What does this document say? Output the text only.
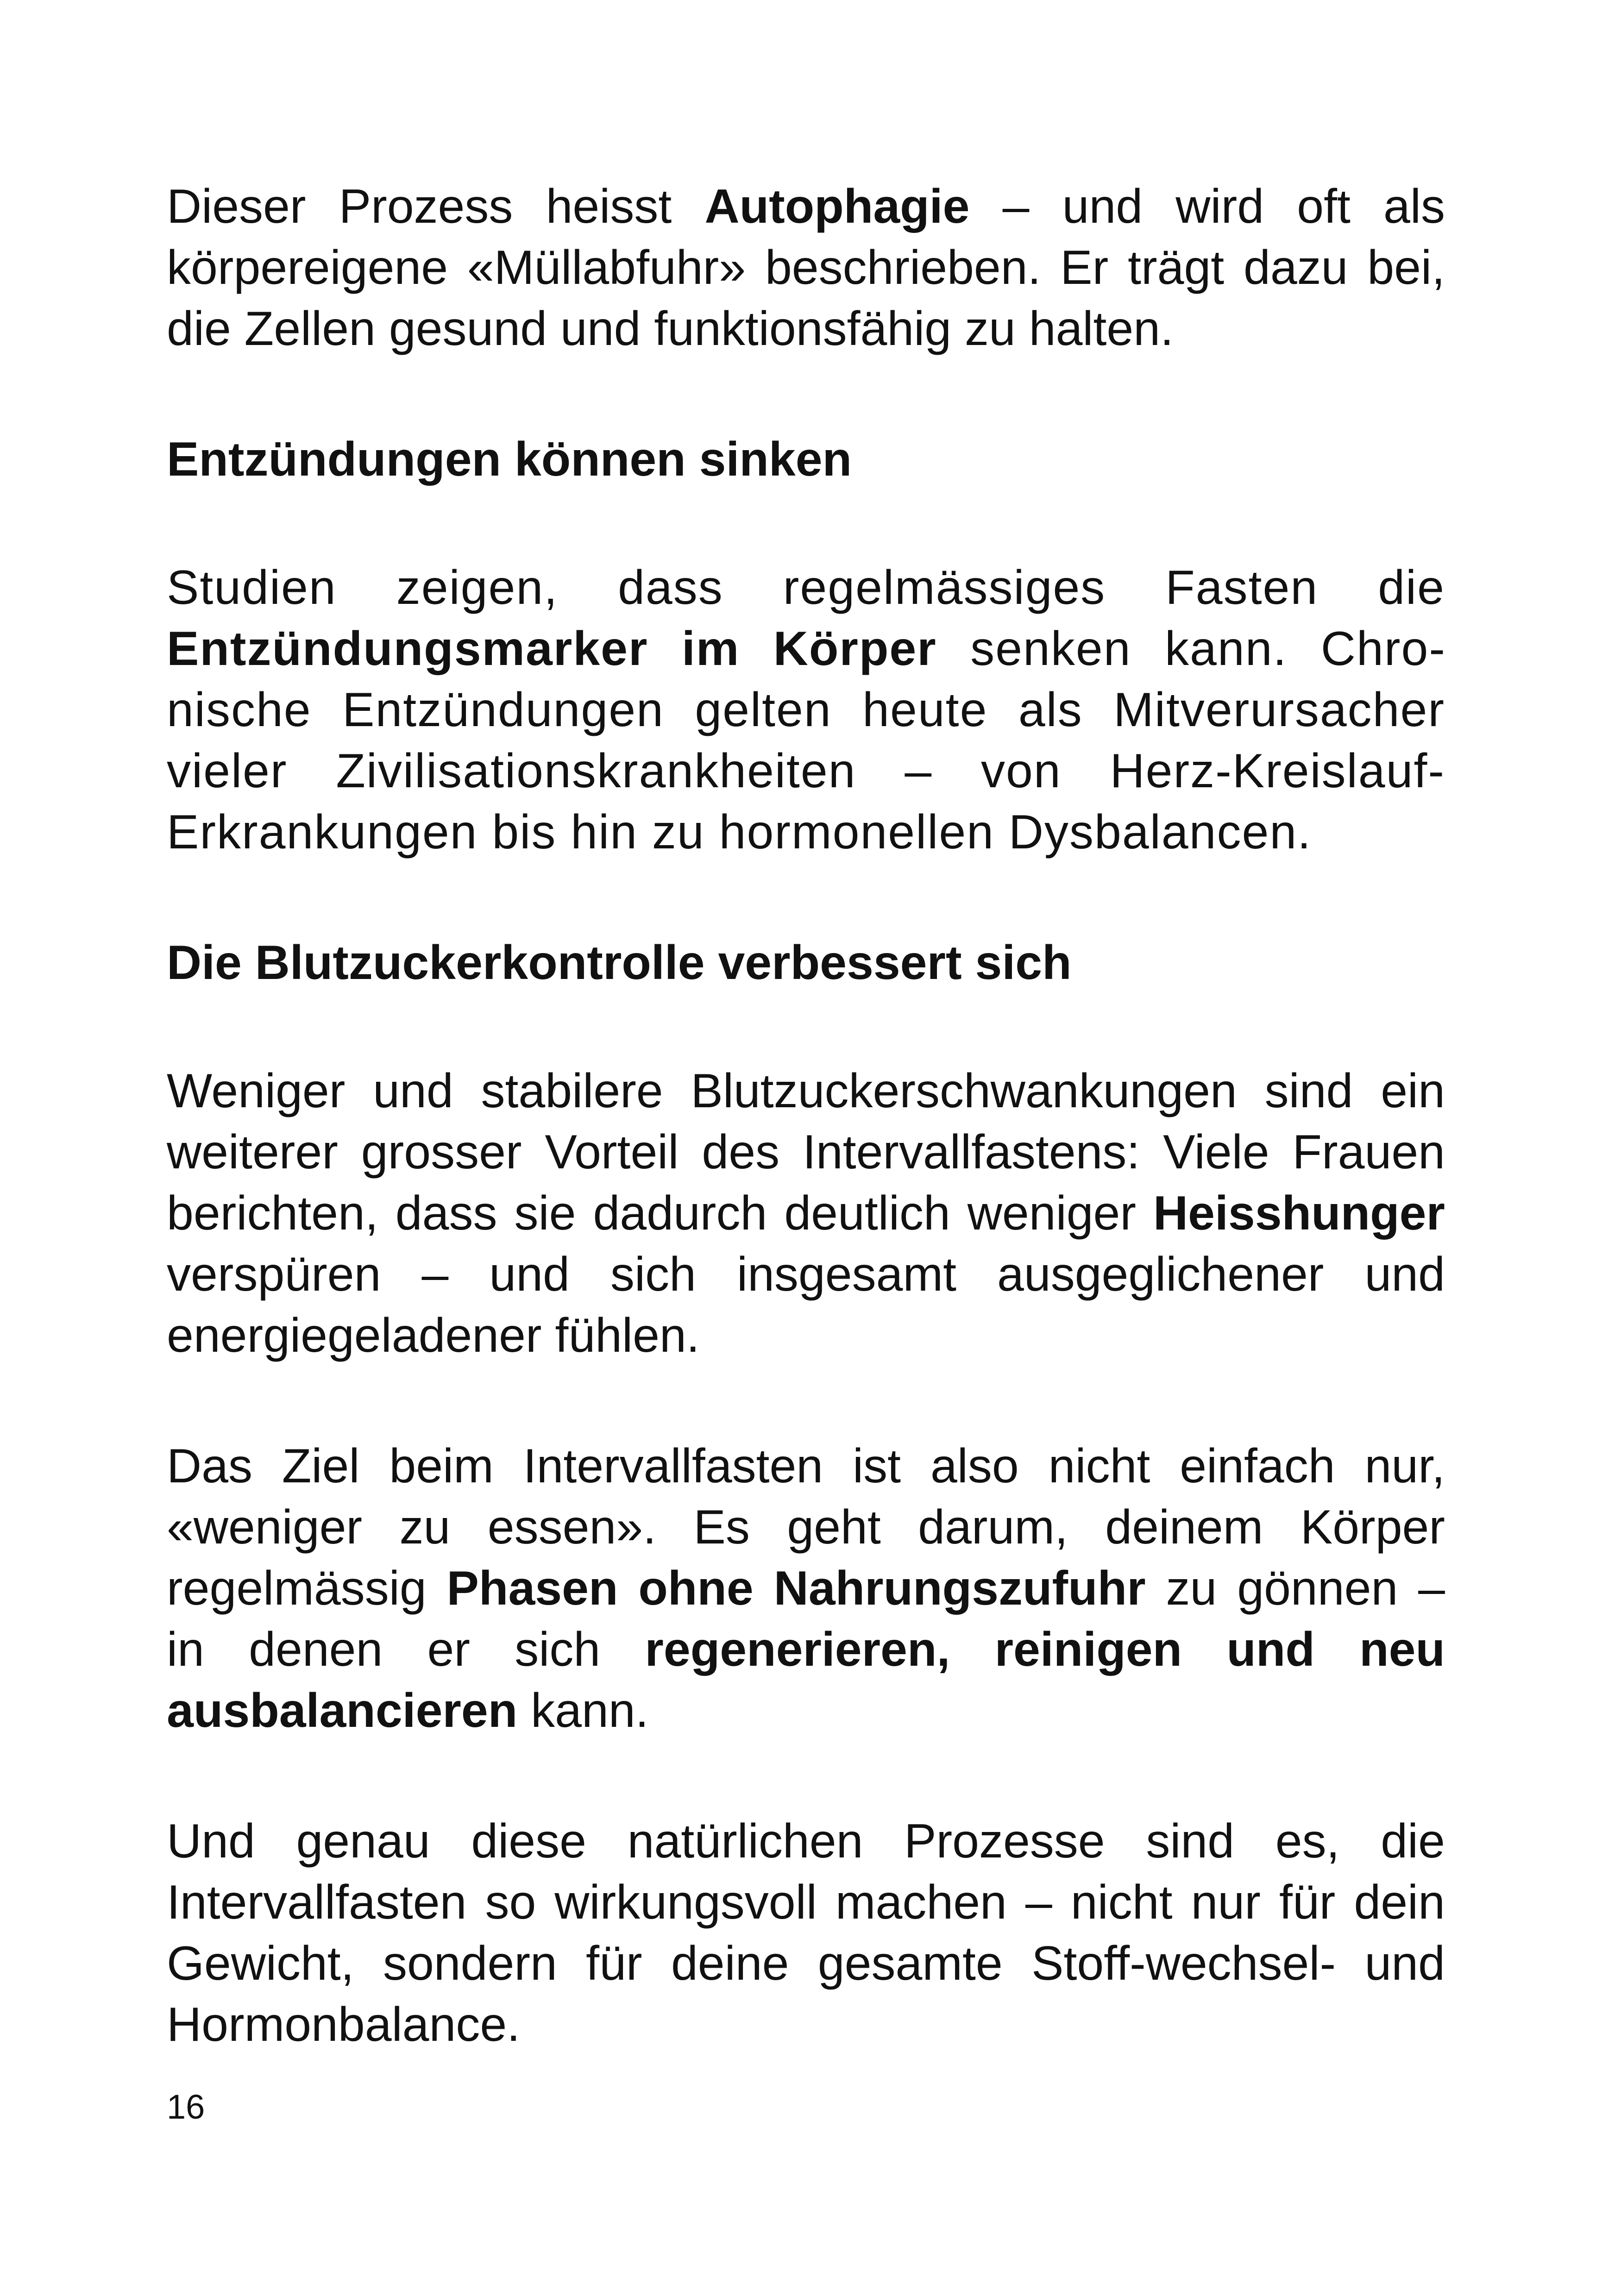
Dieser Prozess heisst Autophagie – und wird oft als körpereigene «Müllabfuhr» beschrieben. Er trägt dazu bei, die Zellen gesund und funktionsfähig zu halten.

Entzündungen können sinken

Studien zeigen, dass regelmässiges Fasten die Entzündungsmarker im Körper senken kann. Chronische Entzündungen gelten heute als Mitverursacher vieler Zivilisationskrankheiten – von Herz-Kreislauf-Erkrankungen bis hin zu hormonellen Dysbalancen.

Die Blutzuckerkontrolle verbessert sich

Weniger und stabilere Blutzuckerschwankungen sind ein weiterer grosser Vorteil des Intervallfastens: Viele Frauen berichten, dass sie dadurch deutlich weniger Heisshunger verspüren – und sich insgesamt ausgeglichener und energiegeladener fühlen.

Das Ziel beim Intervallfasten ist also nicht einfach nur, «weniger zu essen». Es geht darum, deinem Körper regelmässig Phasen ohne Nahrungszufuhr zu gönnen – in denen er sich regenerieren, reinigen und neu ausbalancieren kann.

Und genau diese natürlichen Prozesse sind es, die Intervallfasten so wirkungsvoll machen – nicht nur für dein Gewicht, sondern für deine gesamte Stoff-wechsel- und Hormonbalance.

16
